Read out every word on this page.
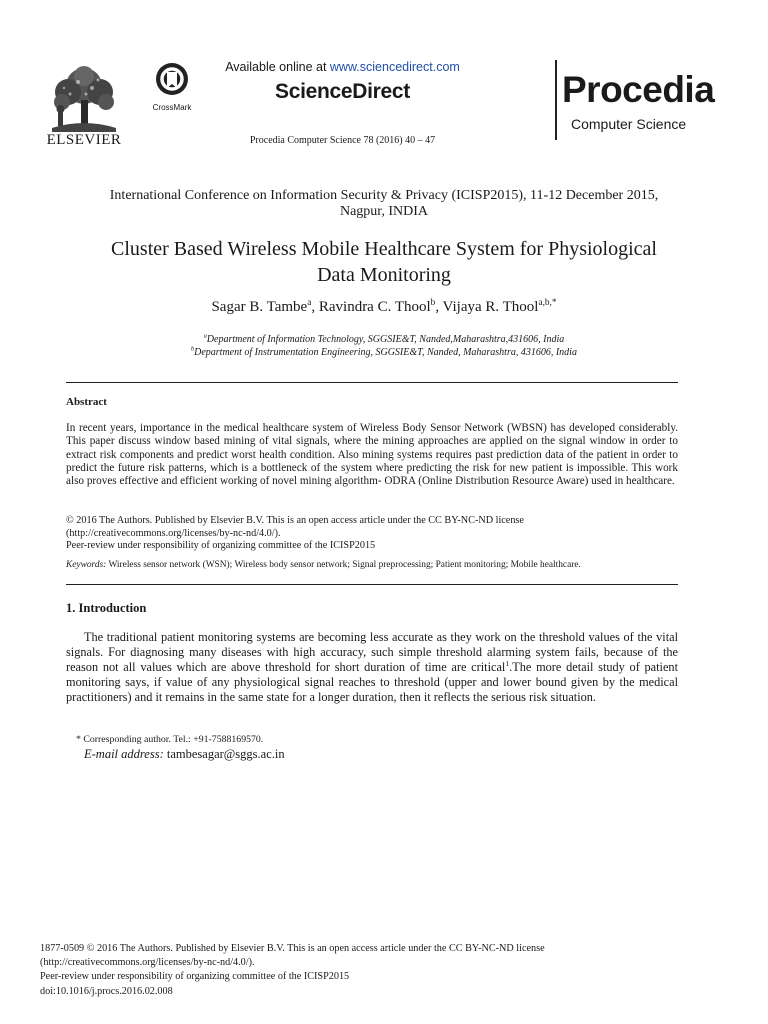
ELSEVIER
CrossMark
Available online at www.sciencedirect.com
ScienceDirect
Procedia Computer Science 78 (2016) 40 – 47
Procedia
Computer Science
International Conference on Information Security & Privacy (ICISP2015), 11-12 December 2015,
Nagpur, INDIA
Cluster Based Wireless Mobile Healthcare System for Physiological
Data Monitoring
Sagar B. Tambe$^a$, Ravindra C. Thool$^b$, Vijaya R. Thool$^{a,b,*}$
$^a$Department of Information Technology, SGGSIE&T, Nanded,Maharashtra,431606, India
$^b$Department of Instrumentation Engineering, SGGSIE&T, Nanded, Maharashtra, 431606, India
Abstract
In recent years, importance in the medical healthcare system of Wireless Body Sensor Network (WBSN) has developed considerably. This paper discuss window based mining of vital signals, where the mining approaches are applied on the signal window in order to extract risk components and predict worst health condition. Also mining systems requires past prediction data of the patient in order to predict the future risk patterns, which is a bottleneck of the system where predicting the risk for new patient is impossible. This work also proves effective and efficient working of novel mining algorithm- ODRA (Online Distribution Resource Aware) used in healthcare.
© 2016 The Authors. Published by Elsevier B.V. This is an open access article under the CC BY-NC-ND license
(http://creativecommons.org/licenses/by-nc-nd/4.0/).
Peer-review under responsibility of organizing committee of the ICISP2015
Keywords: Wireless sensor network (WSN); Wireless body sensor network; Signal preprocessing; Patient monitoring; Mobile healthcare.
1. Introduction
The traditional patient monitoring systems are becoming less accurate as they work on the threshold values of the vital signals. For diagnosing many diseases with high accuracy, such simple threshold alarming system fails, because of the reason not all values which are above threshold for short duration of time are critical$^1$.The more detail study of patient monitoring says, if value of any physiological signal reaches to threshold (upper and lower bound given by the medical practitioners) and it remains in the same state for a longer duration, then it reflects the serious risk situation.
* Corresponding author. Tel.: +91-7588169570.
E-mail address: tambesagar@sggs.ac.in
1877-0509 © 2016 The Authors. Published by Elsevier B.V. This is an open access article under the CC BY-NC-ND license
(http://creativecommons.org/licenses/by-nc-nd/4.0/).
Peer-review under responsibility of organizing committee of the ICISP2015
doi:10.1016/j.procs.2016.02.008
